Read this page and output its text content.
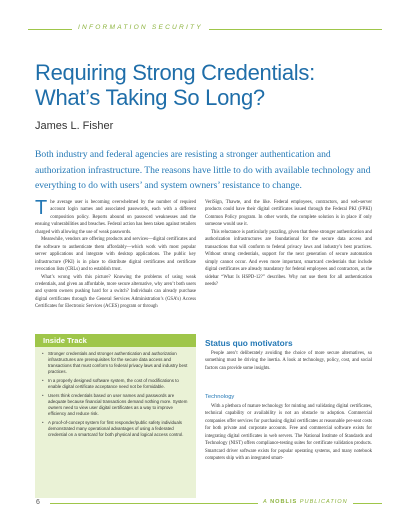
INFORMATION SECURITY
Requiring Strong Credentials:
What’s Taking So Long?
James L. Fisher
Both industry and federal agencies are resisting a stronger authentication and authorization infrastructure. The reasons have little to do with available technology and everything to do with users’ and system owners’ resistance to change.

The average user is becoming overwhelmed by the number of required account login names and associated passwords, each with a different composition policy. Reports abound on password weaknesses and the ensuing vulnerabilities and breaches. Federal action has been taken against retailers charged with allowing the use of weak passwords.

Meanwhile, vendors are offering products and services—digital certificates and the software to authenticate them affordably—which work with most popular server applications and integrate with desktop applications. The public key infrastructure (PKI) is in place to distribute digital certificates and certificate revocation lists (CRLs) and to establish trust.

What’s wrong with this picture? Knowing the problems of using weak credentials, and given an affordable, more secure alternative, why aren’t both users and system owners pushing hard for a switch? Individuals can already purchase digital certificates through the General Services Administration’s (GSA’s) Access Certificates for Electronic Services (ACES) program or through

VeriSign, Thawte, and the like. Federal employees, contractors, and web-server products could have their digital certificates issued through the Federal PKI (FPKI) Common Policy program. In other words, the complete solution is in place if only someone would use it.

This reluctance is particularly puzzling, given that these stronger authentication and authorization infrastructures are foundational for the secure data access and transactions that will conform to federal privacy laws and industry’s best practices. Without strong credentials, support for the next generation of secure automation simply cannot occur. And even more important, smartcard credentials that include digital certificates are already mandatory for federal employees and contractors, as the sidebar “What Is HSPD-12?” describes. Why not use them for all authentication needs?

Status quo motivators

People aren’t deliberately avoiding the choice of more secure alternatives, so something must be driving the inertia. A look at technology, policy, cost, and social factors can provide some insights.

Technology

With a plethora of mature technology for minting and validating digital certificates, technical capability or availability is not an obstacle to adoption. Commercial companies offer services for purchasing digital certificates at reasonable per-seat costs for both private and corporate accounts. Free and commercial software exists for integrating digital certificates in web servers. The National Institute of Standards and Technology (NIST) offers compliance-testing suites for certificate validation products. Smartcard driver software exists for popular operating systems, and many notebook computers ship with an integrated smart-

Inside Track
• Stronger credentials and stronger authentication and authorization infrastructures are prerequisites for the secure data access and transactions that must conform to federal privacy laws and industry best practices.
• In a properly designed software system, the cost of modifications to enable digital certificate acceptance need not be formidable.
• Users think credentials based on user names and passwords are adequate because financial transactions demand nothing more. System owners need to view user digital certificates as a way to improve efficiency and reduce risk.
• A proof-of-concept system for first responder/public safety individuals demonstrated many operational advantages of using a federated credential on a smartcard for both physical and logical access control.
6	A NOBLIS PUBLICATION
